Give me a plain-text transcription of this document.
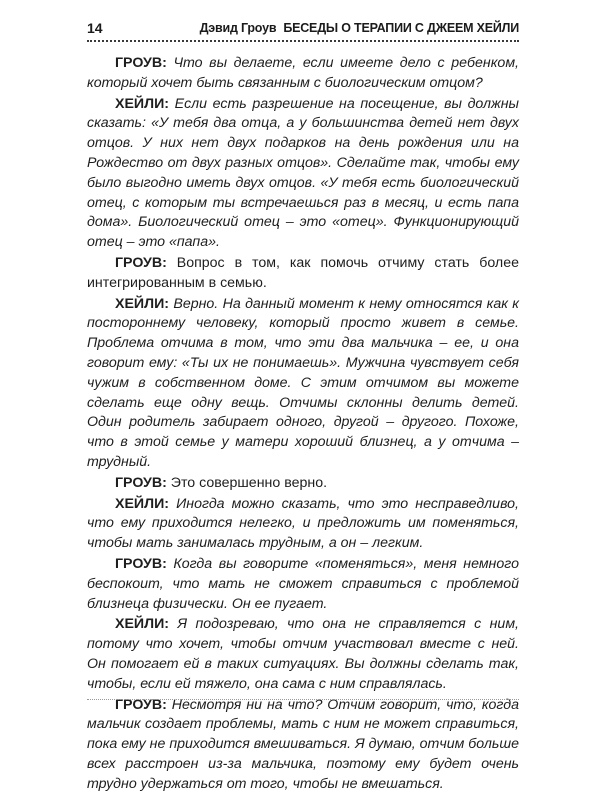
14	Дэвид Гроув БЕСЕДЫ О ТЕРАПИИ С ДЖЕЕМ ХЕЙЛИ

ГРОУВ: Что вы делаете, если имеете дело с ребенком, который хочет быть связанным с биологическим отцом?

ХЕЙЛИ: Если есть разрешение на посещение, вы должны сказать: «У тебя два отца, а у большинства детей нет двух отцов. У них нет двух подарков на день рождения или на Рождество от двух разных отцов». Сделайте так, чтобы ему было выгодно иметь двух отцов. «У тебя есть биологический отец, с которым ты встречаешься раз в месяц, и есть папа дома». Биологический отец – это «отец». Функционирующий отец – это «папа».

ГРОУВ: Вопрос в том, как помочь отчиму стать более интегрированным в семью.

ХЕЙЛИ: Верно. На данный момент к нему относятся как к постороннему человеку, который просто живет в семье. Проблема отчима в том, что эти два мальчика – ее, и она говорит ему: «Ты их не понимаешь». Мужчина чувствует себя чужим в собственном доме. С этим отчимом вы можете сделать еще одну вещь. Отчимы склонны делить детей. Один родитель забирает одного, другой – другого. Похоже, что в этой семье у матери хороший близнец, а у отчима – трудный.

ГРОУВ: Это совершенно верно.

ХЕЙЛИ: Иногда можно сказать, что это несправедливо, что ему приходится нелегко, и предложить им поменяться, чтобы мать занималась трудным, а он – легким.

ГРОУВ: Когда вы говорите «поменяться», меня немного беспокоит, что мать не сможет справиться с проблемой близнеца физически. Он ее пугает.

ХЕЙЛИ: Я подозреваю, что она не справляется с ним, потому что хочет, чтобы отчим участвовал вместе с ней. Он помогает ей в таких ситуациях. Вы должны сделать так, чтобы, если ей тяжело, она сама с ним справлялась.

ГРОУВ: Несмотря ни на что? Отчим говорит, что, когда мальчик создает проблемы, мать с ним не может справиться, пока ему не приходится вмешиваться. Я думаю, отчим больше всех расстроен из-за мальчика, поэтому ему будет очень трудно удержаться от того, чтобы не вмешаться.
